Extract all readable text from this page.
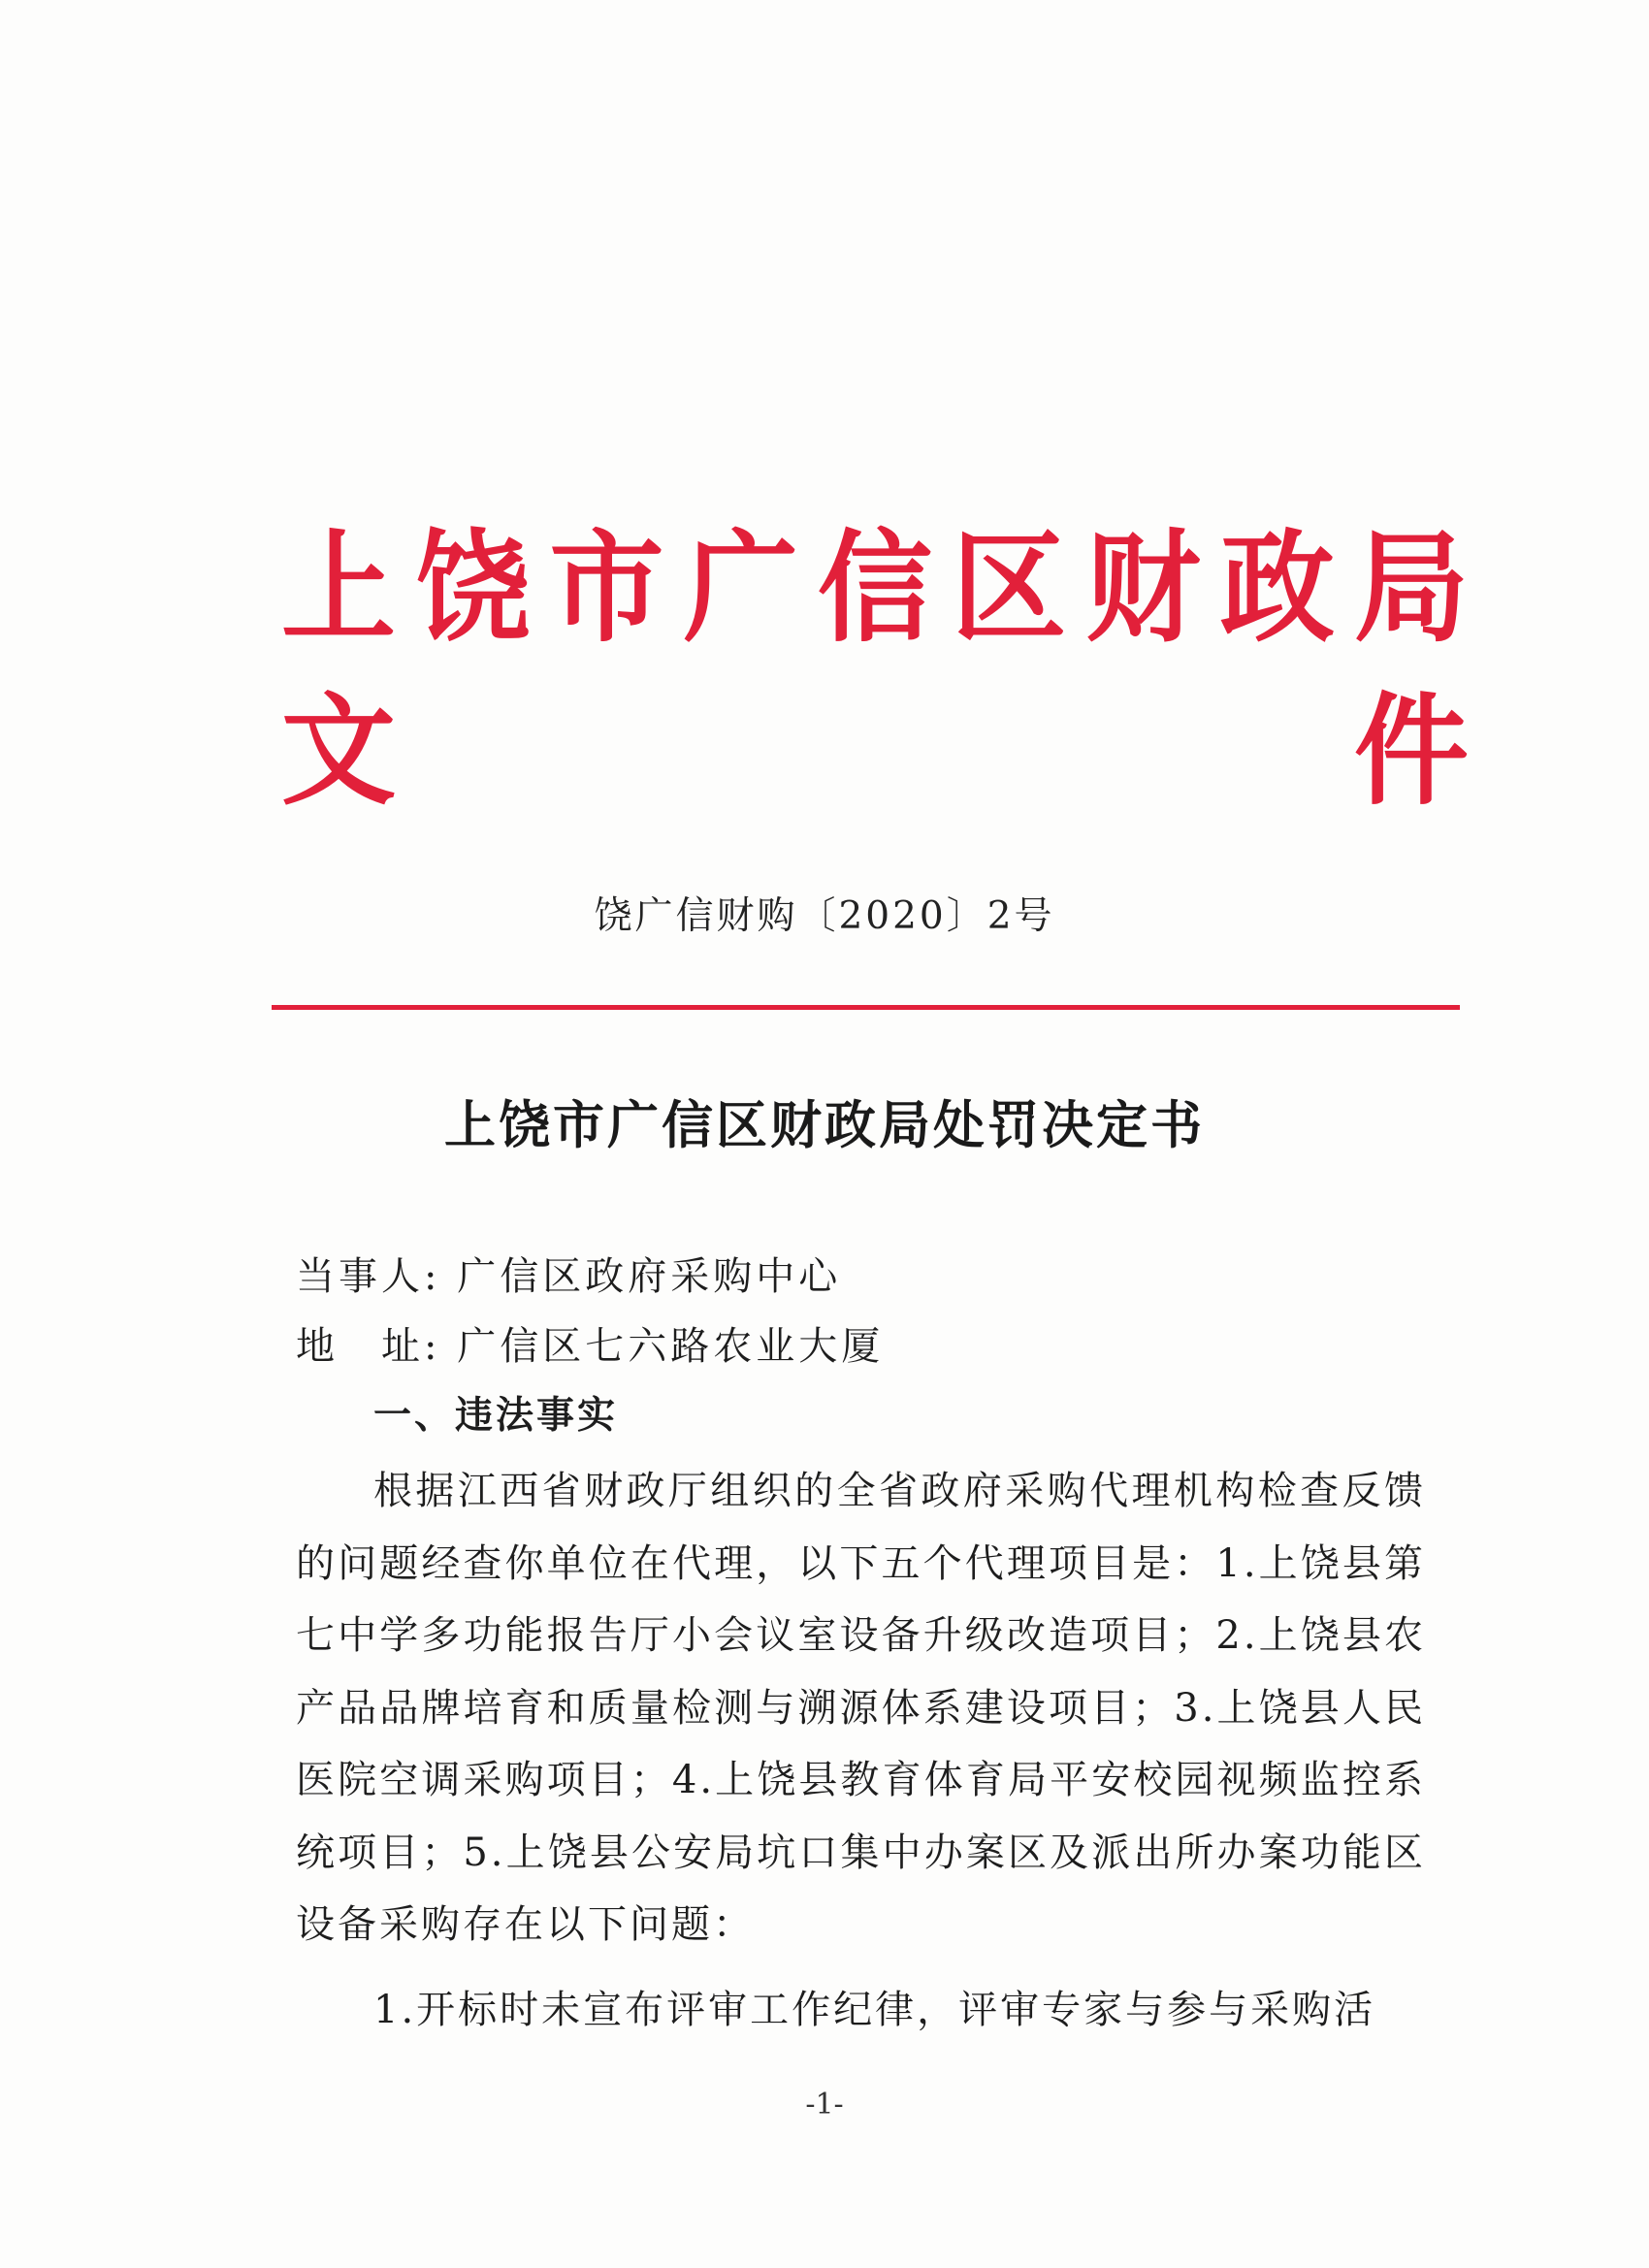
上饶市广信区财政局文件
饶广信财购〔2020〕2号
上饶市广信区财政局处罚决定书
当事人: 广信区政府采购中心
地　址: 广信区七六路农业大厦
一、违法事实
根据江西省财政厅组织的全省政府采购代理机构检查反馈的问题经查你单位在代理，以下五个代理项目是：1.上饶县第七中学多功能报告厅小会议室设备升级改造项目；2.上饶县农产品品牌培育和质量检测与溯源体系建设项目；3.上饶县人民医院空调采购项目；4.上饶县教育体育局平安校园视频监控系统项目；5.上饶县公安局坑口集中办案区及派出所办案功能区设备采购存在以下问题：
1.开标时未宣布评审工作纪律，评审专家与参与采购活
-1-
